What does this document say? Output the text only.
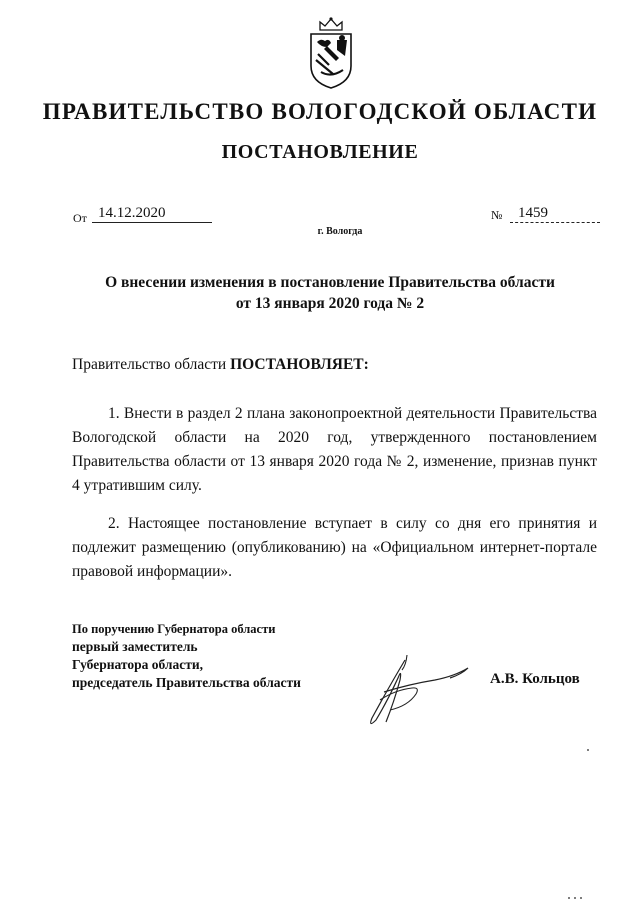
ПРАВИТЕЛЬСТВО ВОЛОГОДСКОЙ ОБЛАСТИ
ПОСТАНОВЛЕНИЕ
От 14.12.2020	№	1459
г. Вологда
О внесении изменения в постановление Правительства области
от 13 января 2020 года № 2
Правительство области ПОСТАНОВЛЯЕТ:
1. Внести в раздел 2 плана законопроектной деятельности Правительства Вологодской области на 2020 год, утвержденного постановлением Правительства области от 13 января 2020 года № 2, изменение, признав пункт 4 утратившим силу.
2. Настоящее постановление вступает в силу со дня его принятия и подлежит размещению (опубликованию) на «Официальном интернет-портале правовой информации».
По поручению Губернатора области
первый заместитель
Губернатора области,
председатель Правительства области	А.В. Кольцов
